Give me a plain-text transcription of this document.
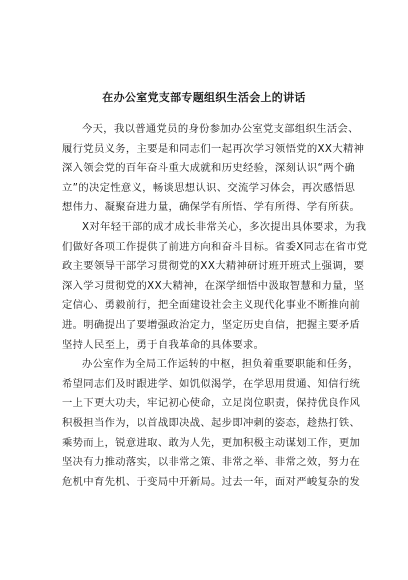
在办公室党支部专题组织生活会上的讲话
今天，我以普通党员的身份参加办公室党支部组织生活会、
履行党员义务，主要是和同志们一起再次学习领悟党的XX大精神
深入领会党的百年奋斗重大成就和历史经验，深刻认识“两个确
立”的决定性意义，畅谈思想认识、交流学习体会，再次感悟思
想伟力、凝聚奋进力量，确保学有所悟、学有所得、学有所获。
X对年轻干部的成才成长非常关心，多次提出具体要求，为我
们做好各项工作提供了前进方向和奋斗目标。省委X同志在省市党
政主要领导干部学习贯彻党的XX大精神研讨班开班式上强调，要
深入学习贯彻党的XX大精神，在深学细悟中汲取智慧和力量，坚
定信心、勇毅前行，把全面建设社会主义现代化事业不断推向前
进。明确提出了要增强政治定力，坚定历史自信，把握主要矛盾
坚持人民至上，勇于自我革命的具体要求。
办公室作为全局工作运转的中枢，担负着重要职能和任务，
希望同志们及时跟进学、如饥似渴学，在学思用贯通、知信行统
一上下更大功夫，牢记初心使命，立足岗位职责，保持优良作风
积极担当作为，以首战即决战、起步即冲刺的姿态，趁热打铁、
乘势而上，锐意进取、敢为人先，更加积极主动谋划工作，更加
坚决有力推动落实，以非常之策、非常之举、非常之效，努力在
危机中育先机、于变局中开新局。过去一年，面对严峻复杂的发
